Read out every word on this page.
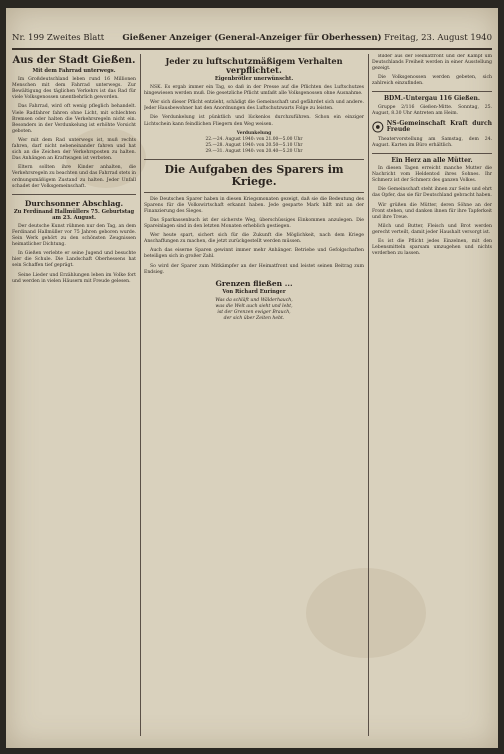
Nr. 199 Zweites Blatt	Gießener Anzeiger (General-Anzeiger für Oberhessen) Freitag, 23. August 1940
Aus der Stadt Gießen.
Mit dem Fahrrad unterwegs.

Im Großdeutschland leben rund 16 Millionen Menschen mit dem Fahrrad unterwegs. Zur Bewältigung des täglichen Verkehrs ist das Rad für viele Volksgenossen unentbehrlich geworden.

Das Fahrrad, wird oft wenig pfleglich behandelt. Viele Radfahrer fahren ohne Licht, mit schlechten Bremsen oder halten die Verkehrsregeln nicht ein. Besonders in der Verdunkelung ist erhöhte Vorsicht geboten.

Wer mit dem Rad unterwegs ist, muß rechts fahren, darf nicht nebeneinander fahren und hat sich an die Zeichen der Verkehrsposten zu halten. Das Anhängen an Kraftwagen ist verboten.

Eltern sollten ihre Kinder anhalten, die Verkehrsregeln zu beachten und das Fahrrad stets in ordnungsmäßigem Zustand zu halten. Jeder Unfall schadet der Volksgemeinschaft.

Durchsonner Abschlag.
Zu Ferdinand Hallmüllers 75. Geburtstag am 23. August.

Der deutsche Kunst rühmen nur den Tag, an dem Ferdinand Hallmüller vor 75 Jahren geboren wurde. Sein Werk gehört zu den schönsten Zeugnissen heimatlicher Dichtung.

In Gießen verlebte er seine Jugend und besuchte hier die Schule. Die Landschaft Oberhessens hat sein Schaffen tief geprägt.

Seine Lieder und Erzählungen leben im Volke fort und werden in vielen Häusern mit Freude gelesen.

Jeder zu luftschutzmäßigem Verhalten verpflichtet.
Eigenbrötler unerwünscht.

NSK. Es ergab immer ein Tag, so daß in der Presse auf die Pflichten des Luftschutzes hingewiesen werden muß. Die gesetzliche Pflicht umfaßt alle Volksgenossen ohne Ausnahme.

Wer sich dieser Pflicht entzieht, schädigt die Gemeinschaft und gefährdet sich und andere. Jeder Hausbewohner hat den Anordnungen des Luftschutzwarts Folge zu leisten.

Die Verdunkelung ist pünktlich und lückenlos durchzuführen. Schon ein einziger Lichtschein kann feindlichen Fliegern den Weg weisen.

Verdunkelung
22.—24. August 1940: von 21.00—5.00 Uhr
25.—28. August 1940: von 20.50—5.10 Uhr
29.—31. August 1940: von 20.40—5.20 Uhr
Die Aufgaben des Sparers im Kriege.

Die Deutschen Sparer haben in diesen Kriegsmonaten gezeigt, daß sie die Bedeutung des Sparens für die Volkswirtschaft erkannt haben. Jede gesparte Mark hilft mit an der Finanzierung des Sieges.

Das Sparkassenbuch ist der sicherste Weg, überschüssiges Einkommen anzulegen. Die Spareinlagen sind in den letzten Monaten erheblich gestiegen.

Wer heute spart, sichert sich für die Zukunft die Möglichkeit, nach dem Kriege Anschaffungen zu machen, die jetzt zurückgestellt werden müssen.

Auch das eiserne Sparen gewinnt immer mehr Anhänger. Betriebe und Gefolgschaften beteiligen sich in großer Zahl.

So wird der Sparer zum Mitkämpfer an der Heimatfront und leistet seinen Beitrag zum Endsieg.

Grenzen fließen ...
Von Richard Euringer
Was da schläft und Wälderhauch,
was die Welt auch sieht und lebt,
ist der Grenzen ewiger Brauch,
der sich über Zeiten hebt.

Bilder aus der Heimatfront und der Kampf um Deutschlands Freiheit werden in einer Ausstellung gezeigt.

Die Volksgenossen werden gebeten, sich zahlreich einzufinden.

BDM.-Untergau 116 Gießen.

Gruppe 2/116 Gießen-Mitte. Sonntag, 25. August, 8.30 Uhr Antreten am Heim.

NS-Gemeinschaft Kraft durch Freude

Theatervorstellung am Samstag, dem 24. August. Karten im Büro erhältlich.

Ein Herz an alle Mütter.

In diesen Tagen erreicht manche Mutter die Nachricht vom Heldentod ihres Sohnes. Ihr Schmerz ist der Schmerz des ganzen Volkes.

Die Gemeinschaft steht ihnen zur Seite und ehrt das Opfer, das sie für Deutschland gebracht haben.

Wir grüßen die Mütter, deren Söhne an der Front stehen, und danken ihnen für ihre Tapferkeit und ihre Treue.

Milch und Butter, Fleisch und Brot werden gerecht verteilt, damit jeder Haushalt versorgt ist.

Es ist die Pflicht jedes Einzelnen, mit den Lebensmitteln sparsam umzugehen und nichts verderben zu lassen.
